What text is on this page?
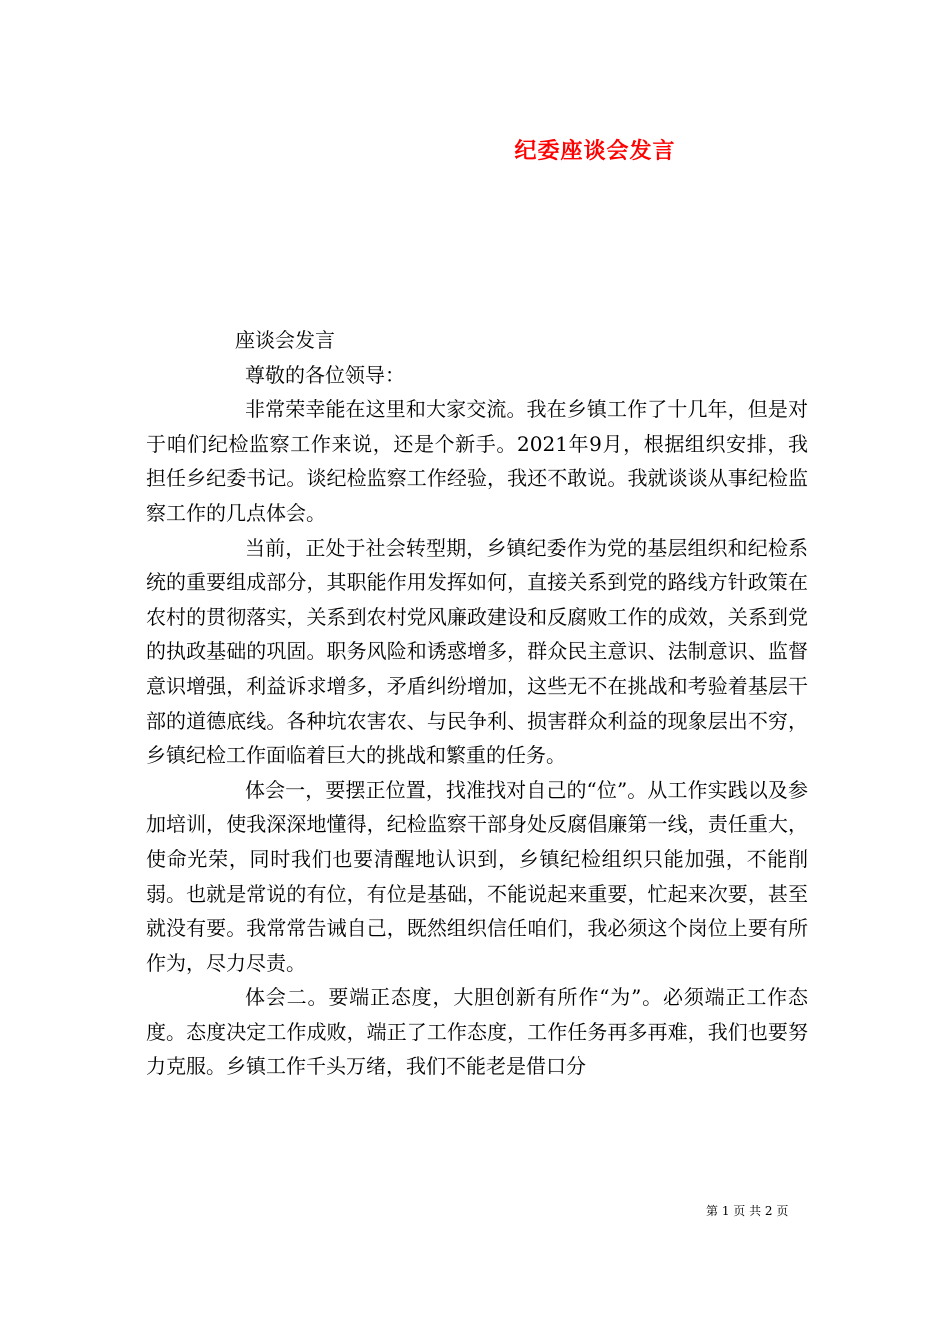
纪委座谈会发言

座谈会发言

尊敬的各位领导：

非常荣幸能在这里和大家交流。我在乡镇工作了十几年，但是对于咱们纪检监察工作来说，还是个新手。2021年9月，根据组织安排，我担任乡纪委书记。谈纪检监察工作经验，我还不敢说。我就谈谈从事纪检监察工作的几点体会。

当前，正处于社会转型期，乡镇纪委作为党的基层组织和纪检系统的重要组成部分，其职能作用发挥如何，直接关系到党的路线方针政策在农村的贯彻落实，关系到农村党风廉政建设和反腐败工作的成效，关系到党的执政基础的巩固。职务风险和诱惑增多，群众民主意识、法制意识、监督意识增强，利益诉求增多，矛盾纠纷增加，这些无不在挑战和考验着基层干部的道德底线。各种坑农害农、与民争利、损害群众利益的现象层出不穷，乡镇纪检工作面临着巨大的挑战和繁重的任务。

体会一，要摆正位置，找准找对自己的“位”。从工作实践以及参加培训，使我深深地懂得，纪检监察干部身处反腐倡廉第一线，责任重大，使命光荣，同时我们也要清醒地认识到，乡镇纪检组织只能加强，不能削弱。也就是常说的有位，有位是基础，不能说起来重要，忙起来次要，甚至就没有要。我常常告诫自己，既然组织信任咱们，我必须这个岗位上要有所作为，尽力尽责。

体会二。要端正态度，大胆创新有所作“为”。必须端正工作态度。态度决定工作成败，端正了工作态度，工作任务再多再难，我们也要努力克服。乡镇工作千头万绪，我们不能老是借口分

第 1 页 共 2 页
